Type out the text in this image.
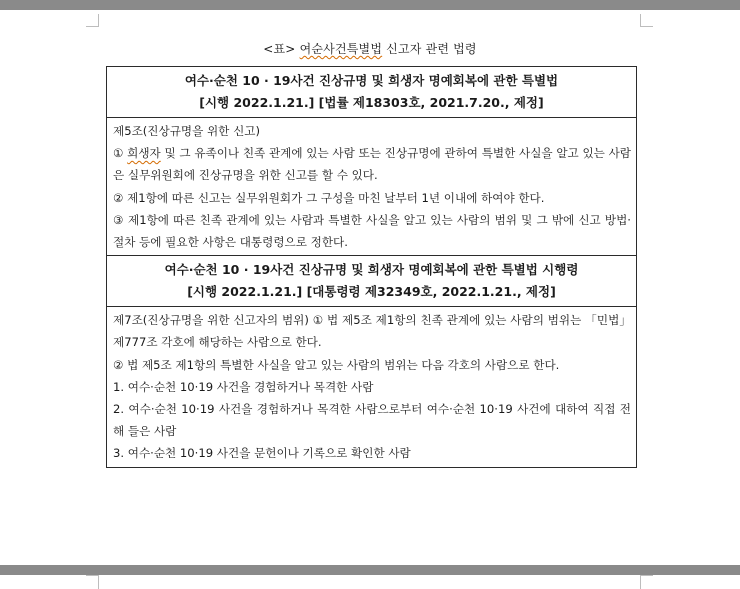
<표> 여순사건특별법 신고자 관련 법령
여수·순천 10 · 19사건 진상규명 및 희생자 명예회복에 관한 특별법
[시행 2022.1.21.] [법률 제18303호, 2021.7.20., 제정]

제5조(진상규명을 위한 신고)
① 희생자 및 그 유족이나 친족 관계에 있는 사람 또는 진상규명에 관하여 특별한 사실을 알고 있는 사람은 실무위원회에 진상규명을 위한 신고를 할 수 있다.
② 제1항에 따른 신고는 실무위원회가 그 구성을 마친 날부터 1년 이내에 하여야 한다.
③ 제1항에 따른 친족 관계에 있는 사람과 특별한 사실을 알고 있는 사람의 범위 및 그 밖에 신고 방법·절차 등에 필요한 사항은 대통령령으로 정한다.

여수·순천 10 · 19사건 진상규명 및 희생자 명예회복에 관한 특별법 시행령
[시행 2022.1.21.] [대통령령 제32349호, 2022.1.21., 제정]

제7조(진상규명을 위한 신고자의 범위) ① 법 제5조 제1항의 친족 관계에 있는 사람의 범위는 「민법」 제777조 각호에 해당하는 사람으로 한다.
② 법 제5조 제1항의 특별한 사실을 알고 있는 사람의 범위는 다음 각호의 사람으로 한다.
1. 여수·순천 10·19 사건을 경험하거나 목격한 사람
2. 여수·순천 10·19 사건을 경험하거나 목격한 사람으로부터 여수·순천 10·19 사건에 대하여 직접 전해 들은 사람
3. 여수·순천 10·19 사건을 문헌이나 기록으로 확인한 사람
